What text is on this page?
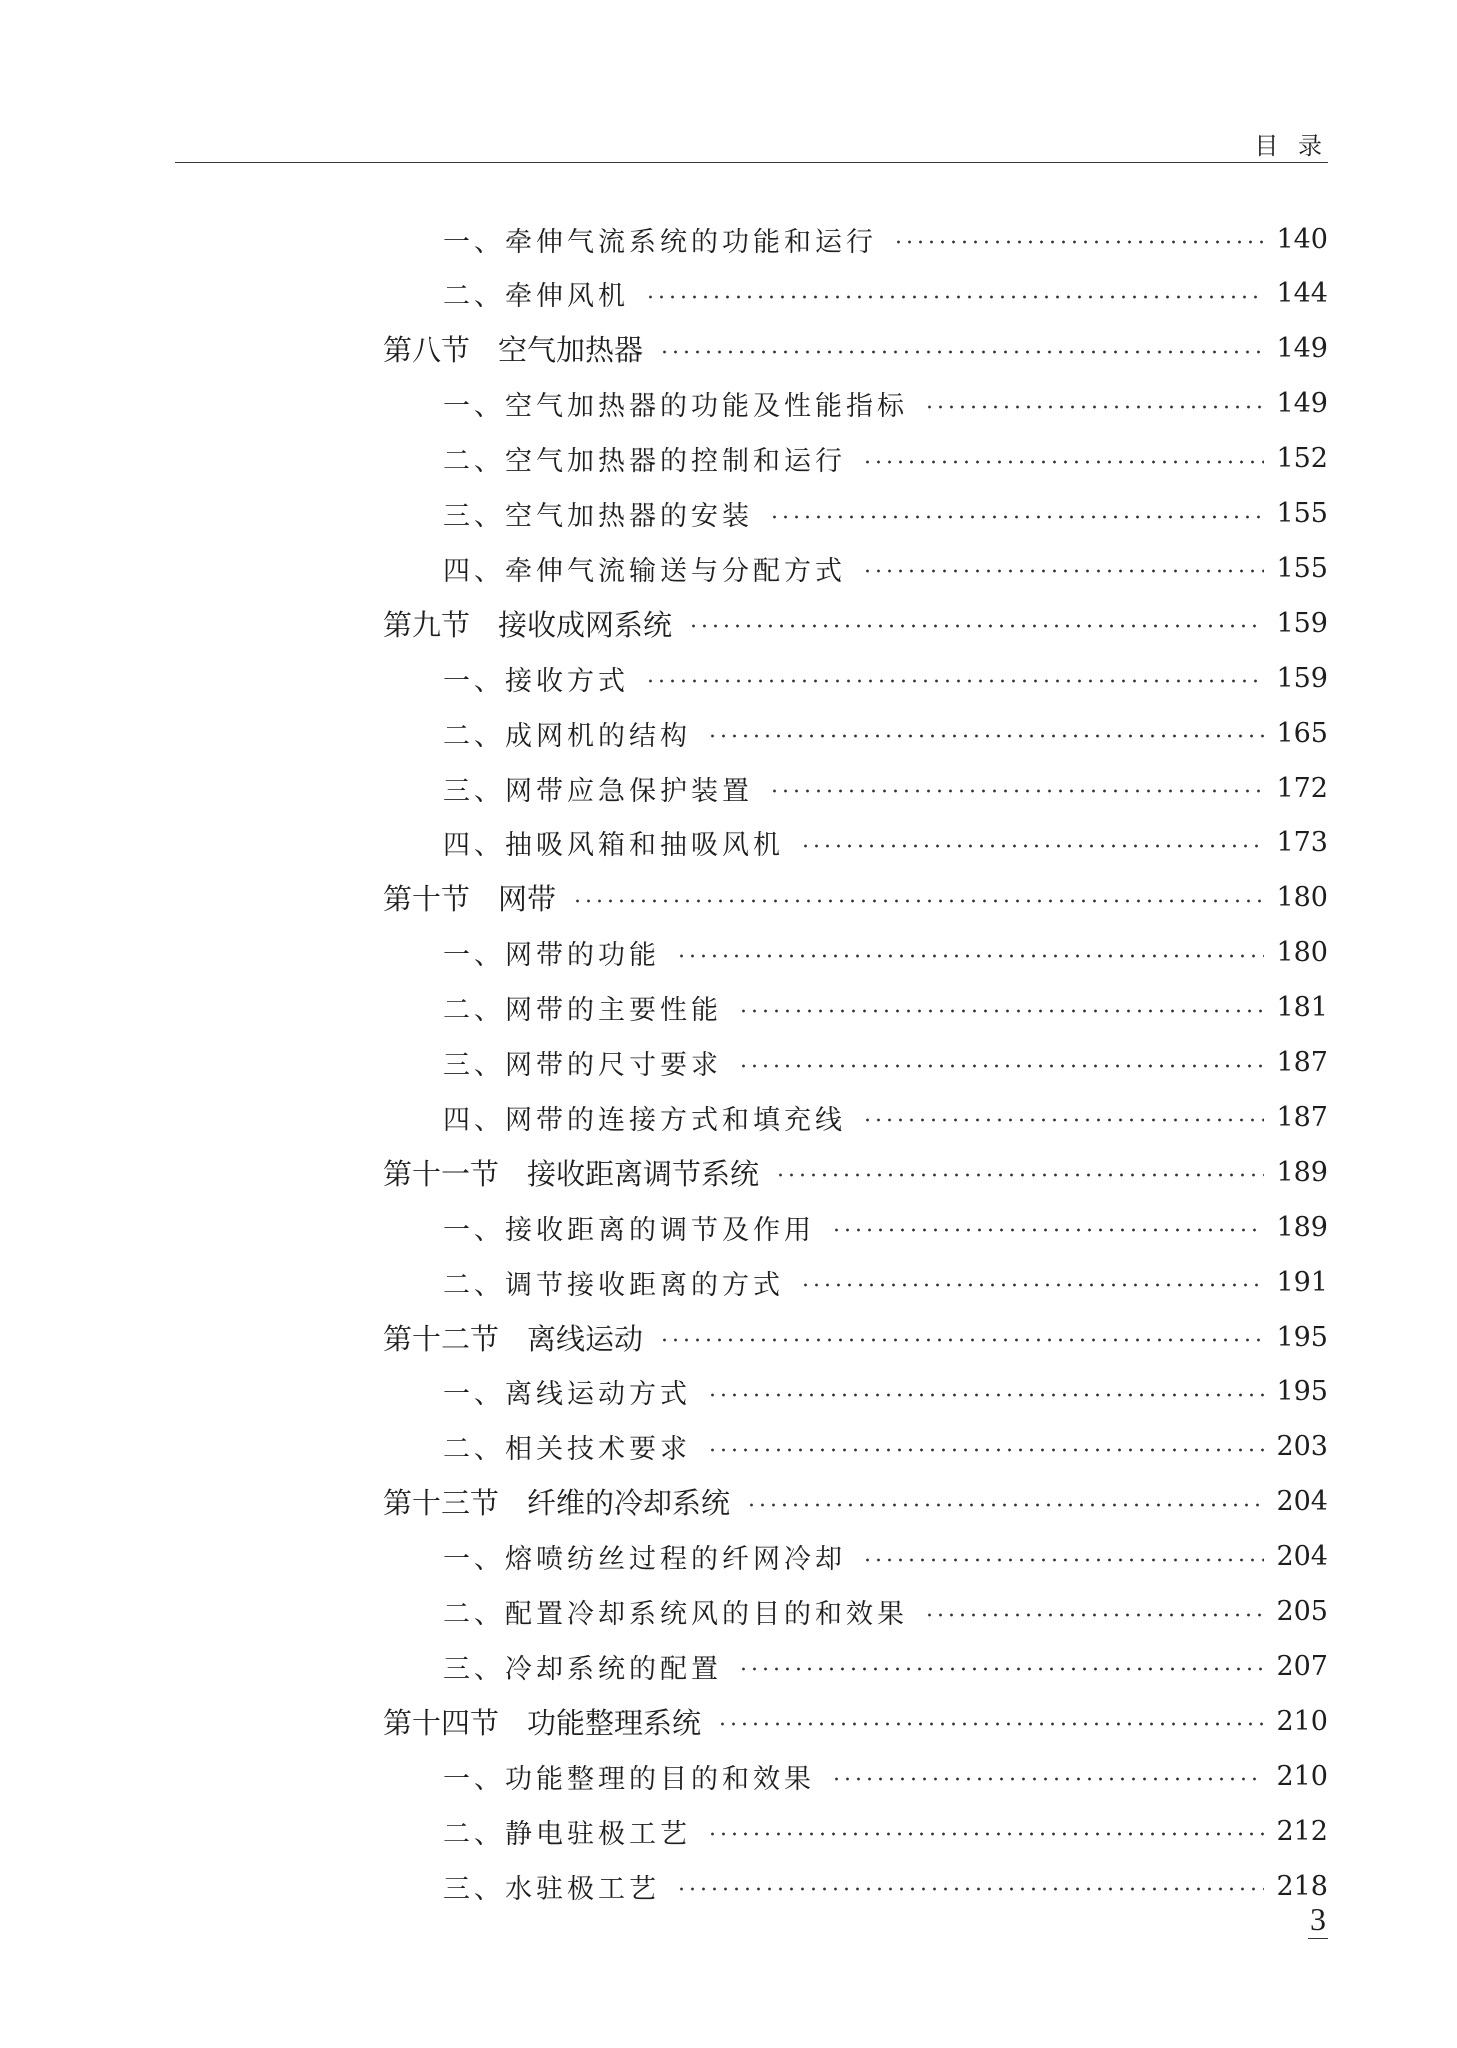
目 录
一、牵伸气流系统的功能和运行	140
二、牵伸风机	144
第八节 空气加热器	149
一、空气加热器的功能及性能指标	149
二、空气加热器的控制和运行	152
三、空气加热器的安装	155
四、牵伸气流输送与分配方式	155
第九节 接收成网系统	159
一、接收方式	159
二、成网机的结构	165
三、网带应急保护装置	172
四、抽吸风箱和抽吸风机	173
第十节 网带	180
一、网带的功能	180
二、网带的主要性能	181
三、网带的尺寸要求	187
四、网带的连接方式和填充线	187
第十一节 接收距离调节系统	189
一、接收距离的调节及作用	189
二、调节接收距离的方式	191
第十二节 离线运动	195
一、离线运动方式	195
二、相关技术要求	203
第十三节 纤维的冷却系统	204
一、熔喷纺丝过程的纤网冷却	204
二、配置冷却系统风的目的和效果	205
三、冷却系统的配置	207
第十四节 功能整理系统	210
一、功能整理的目的和效果	210
二、静电驻极工艺	212
三、水驻极工艺	218
3
